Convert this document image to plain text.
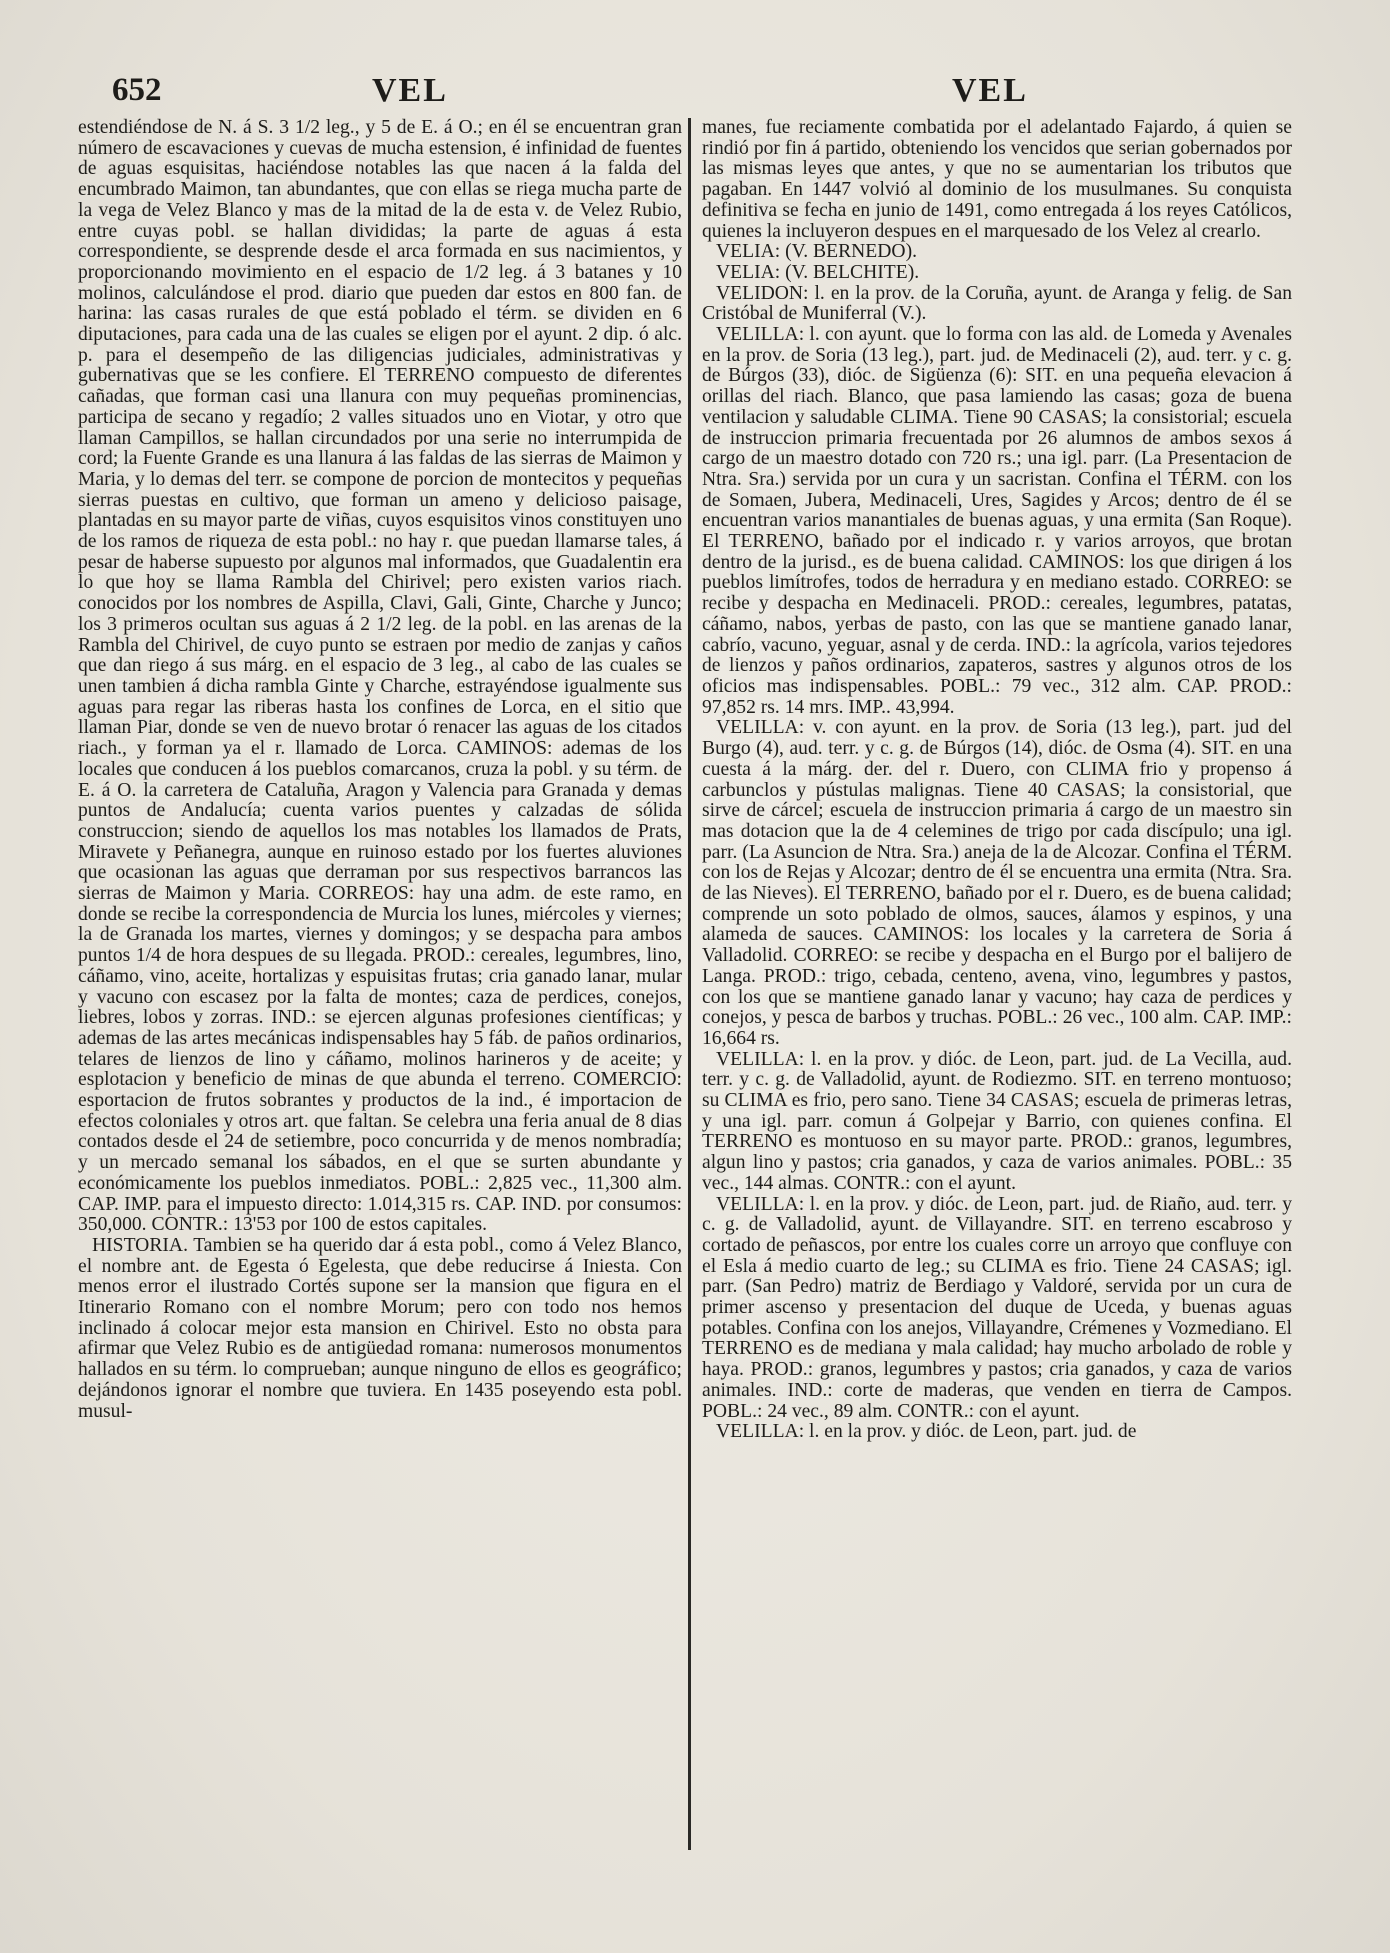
652	VEL	VEL

estendiéndose de N. á S. 3 1/2 leg., y 5 de E. á O.; en él se encuentran gran número de escavaciones y cuevas de mucha estension, é infinidad de fuentes de aguas esquisitas, haciéndose notables las que nacen á la falda del encumbrado Maimon, tan abundantes, que con ellas se riega mucha parte de la vega de Velez Blanco y mas de la mitad de la de esta v. de Velez Rubio, entre cuyas pobl. se hallan divididas; la parte de aguas á esta correspondiente, se desprende desde el arca formada en sus nacimientos, y proporcionando movimiento en el espacio de 1/2 leg. á 3 batanes y 10 molinos, calculándose el prod. diario que pueden dar estos en 800 fan. de harina: las casas rurales de que está poblado el térm. se dividen en 6 diputaciones, para cada una de las cuales se eligen por el ayunt. 2 dip. ó alc. p. para el desempeño de las diligencias judiciales, administrativas y gubernativas que se les confiere. El TERRENO compuesto de diferentes cañadas, que forman casi una llanura con muy pequeñas prominencias, participa de secano y regadío; 2 valles situados uno en Viotar, y otro que llaman Campillos, se hallan circundados por una serie no interrumpida de cord; la Fuente Grande es una llanura á las faldas de las sierras de Maimon y Maria, y lo demas del terr. se compone de porcion de montecitos y pequeñas sierras puestas en cultivo, que forman un ameno y delicioso paisage, plantadas en su mayor parte de viñas, cuyos esquisitos vinos constituyen uno de los ramos de riqueza de esta pobl.: no hay r. que puedan llamarse tales, á pesar de haberse supuesto por algunos mal informados, que Guadalentin era lo que hoy se llama Rambla del Chirivel; pero existen varios riach. conocidos por los nombres de Aspilla, Clavi, Gali, Ginte, Charche y Junco; los 3 primeros ocultan sus aguas á 2 1/2 leg. de la pobl. en las arenas de la Rambla del Chirivel, de cuyo punto se estraen por medio de zanjas y caños que dan riego á sus márg. en el espacio de 3 leg., al cabo de las cuales se unen tambien á dicha rambla Ginte y Charche, estrayéndose igualmente sus aguas para regar las riberas hasta los confines de Lorca, en el sitio que llaman Piar, donde se ven de nuevo brotar ó renacer las aguas de los citados riach., y forman ya el r. llamado de Lorca. CAMINOS: ademas de los locales que conducen á los pueblos comarcanos, cruza la pobl. y su térm. de E. á O. la carretera de Cataluña, Aragon y Valencia para Granada y demas puntos de Andalucía; cuenta varios puentes y calzadas de sólida construccion; siendo de aquellos los mas notables los llamados de Prats, Miravete y Peñanegra, aunque en ruinoso estado por los fuertes aluviones que ocasionan las aguas que derraman por sus respectivos barrancos las sierras de Maimon y Maria. CORREOS: hay una adm. de este ramo, en donde se recibe la correspondencia de Murcia los lunes, miércoles y viernes; la de Granada los martes, viernes y domingos; y se despacha para ambos puntos 1/4 de hora despues de su llegada. PROD.: cereales, legumbres, lino, cáñamo, vino, aceite, hortalizas y espuisitas frutas; cria ganado lanar, mular y vacuno con escasez por la falta de montes; caza de perdices, conejos, liebres, lobos y zorras. IND.: se ejercen algunas profesiones científicas; y ademas de las artes mecánicas indispensables hay 5 fáb. de paños ordinarios, telares de lienzos de lino y cáñamo, molinos harineros y de aceite; y esplotacion y beneficio de minas de que abunda el terreno. COMERCIO: esportacion de frutos sobrantes y productos de la ind., é importacion de efectos coloniales y otros art. que faltan. Se celebra una feria anual de 8 dias contados desde el 24 de setiembre, poco concurrida y de menos nombradía; y un mercado semanal los sábados, en el que se surten abundante y económicamente los pueblos inmediatos. POBL.: 2,825 vec., 11,300 alm. CAP. IMP. para el impuesto directo: 1.014,315 rs. CAP. IND. por consumos: 350,000. CONTR.: 13'53 por 100 de estos capitales.

HISTORIA. Tambien se ha querido dar á esta pobl., como á Velez Blanco, el nombre ant. de Egesta ó Egelesta, que debe reducirse á Iniesta. Con menos error el ilustrado Cortés supone ser la mansion que figura en el Itinerario Romano con el nombre Morum; pero con todo nos hemos inclinado á colocar mejor esta mansion en Chirivel. Esto no obsta para afirmar que Velez Rubio es de antigüedad romana: numerosos monumentos hallados en su térm. lo comprueban; aunque ninguno de ellos es geográfico; dejándonos ignorar el nombre que tuviera. En 1435 poseyendo esta pobl. musul-

manes, fue reciamente combatida por el adelantado Fajardo, á quien se rindió por fin á partido, obteniendo los vencidos que serian gobernados por las mismas leyes que antes, y que no se aumentarian los tributos que pagaban. En 1447 volvió al dominio de los musulmanes. Su conquista definitiva se fecha en junio de 1491, como entregada á los reyes Católicos, quienes la incluyeron despues en el marquesado de los Velez al crearlo.

VELIA: (V. BERNEDO).

VELIA: (V. BELCHITE).

VELIDON: l. en la prov. de la Coruña, ayunt. de Aranga y felig. de San Cristóbal de Muniferral (V.).

VELILLA: l. con ayunt. que lo forma con las ald. de Lomeda y Avenales en la prov. de Soria (13 leg.), part. jud. de Medinaceli (2), aud. terr. y c. g. de Búrgos (33), dióc. de Sigüenza (6): SIT. en una pequeña elevacion á orillas del riach. Blanco, que pasa lamiendo las casas; goza de buena ventilacion y saludable CLIMA. Tiene 90 CASAS; la consistorial; escuela de instruccion primaria frecuentada por 26 alumnos de ambos sexos á cargo de un maestro dotado con 720 rs.; una igl. parr. (La Presentacion de Ntra. Sra.) servida por un cura y un sacristan. Confina el TÉRM. con los de Somaen, Jubera, Medinaceli, Ures, Sagides y Arcos; dentro de él se encuentran varios manantiales de buenas aguas, y una ermita (San Roque). El TERRENO, bañado por el indicado r. y varios arroyos, que brotan dentro de la jurisd., es de buena calidad. CAMINOS: los que dirigen á los pueblos limítrofes, todos de herradura y en mediano estado. CORREO: se recibe y despacha en Medinaceli. PROD.: cereales, legumbres, patatas, cáñamo, nabos, yerbas de pasto, con las que se mantiene ganado lanar, cabrío, vacuno, yeguar, asnal y de cerda. IND.: la agrícola, varios tejedores de lienzos y paños ordinarios, zapateros, sastres y algunos otros de los oficios mas indispensables. POBL.: 79 vec., 312 alm. CAP. PROD.: 97,852 rs. 14 mrs. IMP.. 43,994.

VELILLA: v. con ayunt. en la prov. de Soria (13 leg.), part. jud del Burgo (4), aud. terr. y c. g. de Búrgos (14), dióc. de Osma (4). SIT. en una cuesta á la márg. der. del r. Duero, con CLIMA frio y propenso á carbunclos y pústulas malignas. Tiene 40 CASAS; la consistorial, que sirve de cárcel; escuela de instruccion primaria á cargo de un maestro sin mas dotacion que la de 4 celemines de trigo por cada discípulo; una igl. parr. (La Asuncion de Ntra. Sra.) aneja de la de Alcozar. Confina el TÉRM. con los de Rejas y Alcozar; dentro de él se encuentra una ermita (Ntra. Sra. de las Nieves). El TERRENO, bañado por el r. Duero, es de buena calidad; comprende un soto poblado de olmos, sauces, álamos y espinos, y una alameda de sauces. CAMINOS: los locales y la carretera de Soria á Valladolid. CORREO: se recibe y despacha en el Burgo por el balijero de Langa. PROD.: trigo, cebada, centeno, avena, vino, legumbres y pastos, con los que se mantiene ganado lanar y vacuno; hay caza de perdices y conejos, y pesca de barbos y truchas. POBL.: 26 vec., 100 alm. CAP. IMP.: 16,664 rs.

VELILLA: l. en la prov. y dióc. de Leon, part. jud. de La Vecilla, aud. terr. y c. g. de Valladolid, ayunt. de Rodiezmo. SIT. en terreno montuoso; su CLIMA es frio, pero sano. Tiene 34 CASAS; escuela de primeras letras, y una igl. parr. comun á Golpejar y Barrio, con quienes confina. El TERRENO es montuoso en su mayor parte. PROD.: granos, legumbres, algun lino y pastos; cria ganados, y caza de varios animales. POBL.: 35 vec., 144 almas. CONTR.: con el ayunt.

VELILLA: l. en la prov. y dióc. de Leon, part. jud. de Riaño, aud. terr. y c. g. de Valladolid, ayunt. de Villayandre. SIT. en terreno escabroso y cortado de peñascos, por entre los cuales corre un arroyo que confluye con el Esla á medio cuarto de leg.; su CLIMA es frio. Tiene 24 CASAS; igl. parr. (San Pedro) matriz de Berdiago y Valdoré, servida por un cura de primer ascenso y presentacion del duque de Uceda, y buenas aguas potables. Confina con los anejos, Villayandre, Crémenes y Vozmediano. El TERRENO es de mediana y mala calidad; hay mucho arbolado de roble y haya. PROD.: granos, legumbres y pastos; cria ganados, y caza de varios animales. IND.: corte de maderas, que venden en tierra de Campos. POBL.: 24 vec., 89 alm. CONTR.: con el ayunt.

VELILLA: l. en la prov. y dióc. de Leon, part. jud. de
